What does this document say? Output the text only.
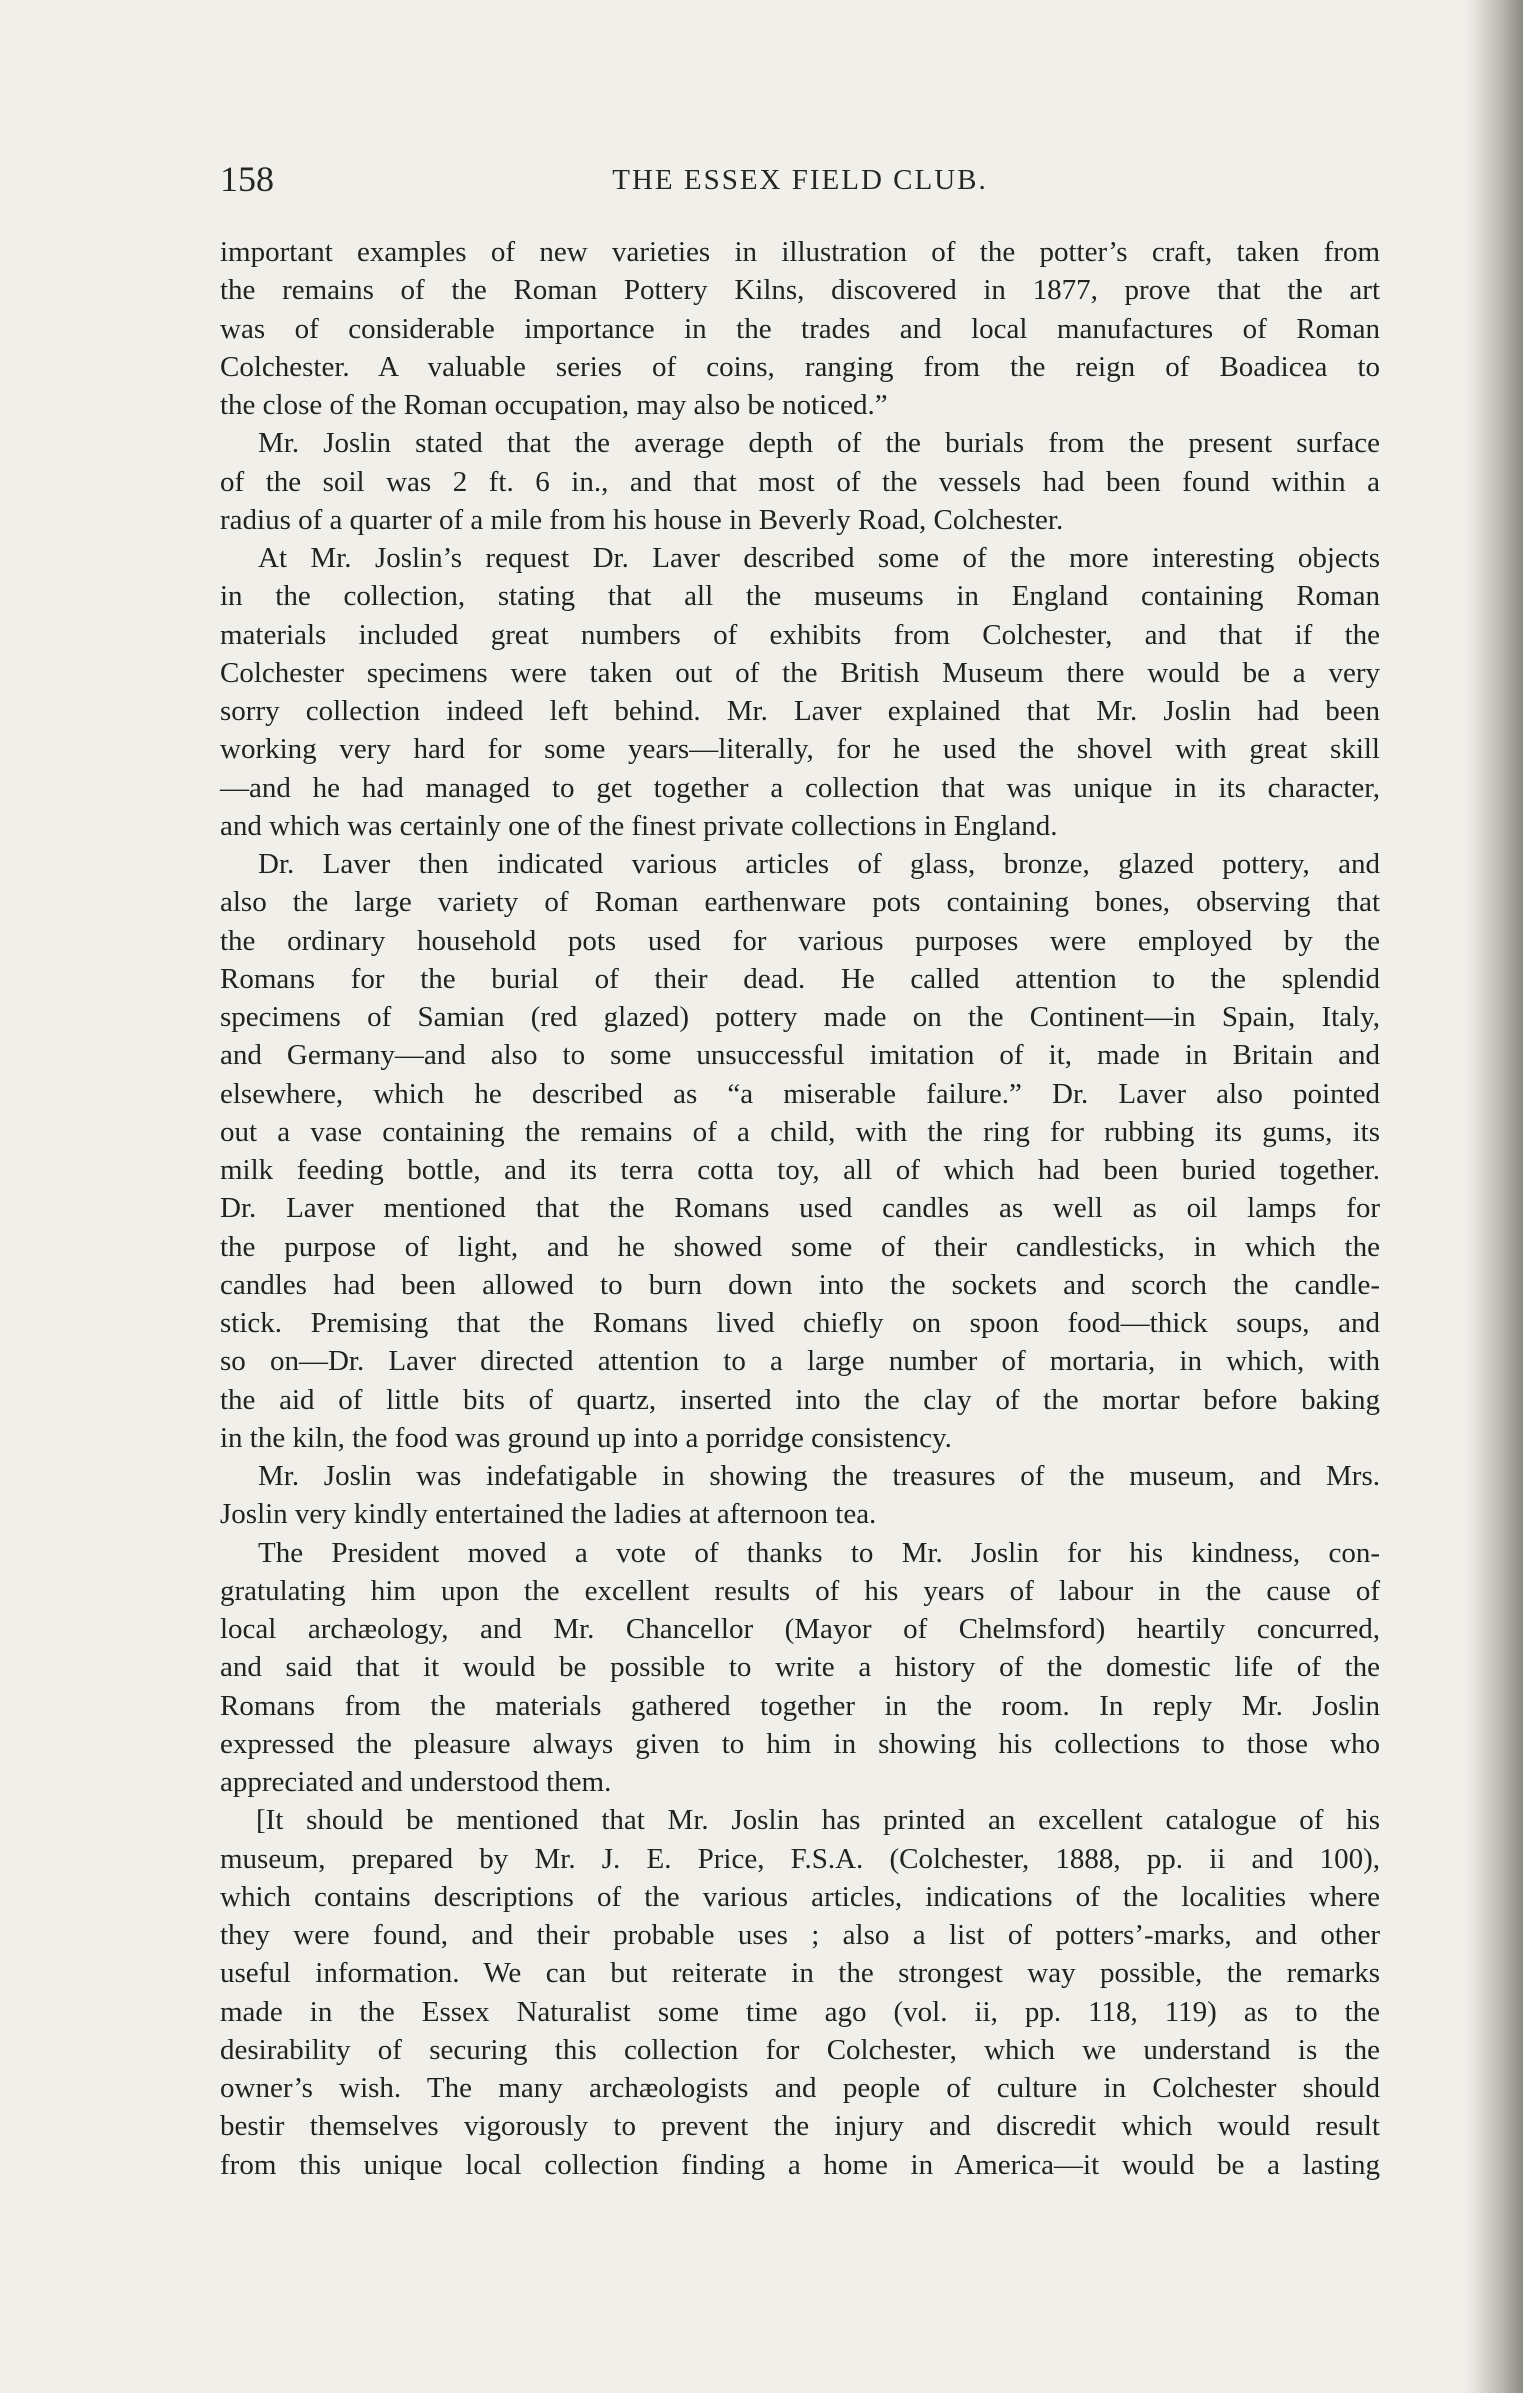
158	THE ESSEX FIELD CLUB.
important examples of new varieties in illustration of the potter’s craft, taken from
the remains of the Roman Pottery Kilns, discovered in 1877, prove that the art
was of considerable importance in the trades and local manufactures of Roman
Colchester. A valuable series of coins, ranging from the reign of Boadicea to
the close of the Roman occupation, may also be noticed.”
Mr. Joslin stated that the average depth of the burials from the present surface
of the soil was 2 ft. 6 in., and that most of the vessels had been found within a
radius of a quarter of a mile from his house in Beverly Road, Colchester.
At Mr. Joslin’s request Dr. Laver described some of the more interesting objects
in the collection, stating that all the museums in England containing Roman
materials included great numbers of exhibits from Colchester, and that if the
Colchester specimens were taken out of the British Museum there would be a very
sorry collection indeed left behind. Mr. Laver explained that Mr. Joslin had been
working very hard for some years—literally, for he used the shovel with great skill
—and he had managed to get together a collection that was unique in its character,
and which was certainly one of the finest private collections in England.
Dr. Laver then indicated various articles of glass, bronze, glazed pottery, and
also the large variety of Roman earthenware pots containing bones, observing that
the ordinary household pots used for various purposes were employed by the
Romans for the burial of their dead. He called attention to the splendid
specimens of Samian (red glazed) pottery made on the Continent—in Spain, Italy,
and Germany—and also to some unsuccessful imitation of it, made in Britain and
elsewhere, which he described as “a miserable failure.” Dr. Laver also pointed
out a vase containing the remains of a child, with the ring for rubbing its gums, its
milk feeding bottle, and its terra cotta toy, all of which had been buried together.
Dr. Laver mentioned that the Romans used candles as well as oil lamps for
the purpose of light, and he showed some of their candlesticks, in which the
candles had been allowed to burn down into the sockets and scorch the candle-
stick. Premising that the Romans lived chiefly on spoon food—thick soups, and
so on—Dr. Laver directed attention to a large number of mortaria, in which, with
the aid of little bits of quartz, inserted into the clay of the mortar before baking
in the kiln, the food was ground up into a porridge consistency.
Mr. Joslin was indefatigable in showing the treasures of the museum, and Mrs.
Joslin very kindly entertained the ladies at afternoon tea.
The President moved a vote of thanks to Mr. Joslin for his kindness, con-
gratulating him upon the excellent results of his years of labour in the cause of
local archæology, and Mr. Chancellor (Mayor of Chelmsford) heartily concurred,
and said that it would be possible to write a history of the domestic life of the
Romans from the materials gathered together in the room. In reply Mr. Joslin
expressed the pleasure always given to him in showing his collections to those who
appreciated and understood them.
[It should be mentioned that Mr. Joslin has printed an excellent catalogue of his
museum, prepared by Mr. J. E. Price, F.S.A. (Colchester, 1888, pp. ii and 100),
which contains descriptions of the various articles, indications of the localities where
they were found, and their probable uses ; also a list of potters’-marks, and other
useful information. We can but reiterate in the strongest way possible, the remarks
made in the Essex Naturalist some time ago (vol. ii, pp. 118, 119) as to the
desirability of securing this collection for Colchester, which we understand is the
owner’s wish. The many archæologists and people of culture in Colchester should
bestir themselves vigorously to prevent the injury and discredit which would result
from this unique local collection finding a home in America—it would be a lasting
